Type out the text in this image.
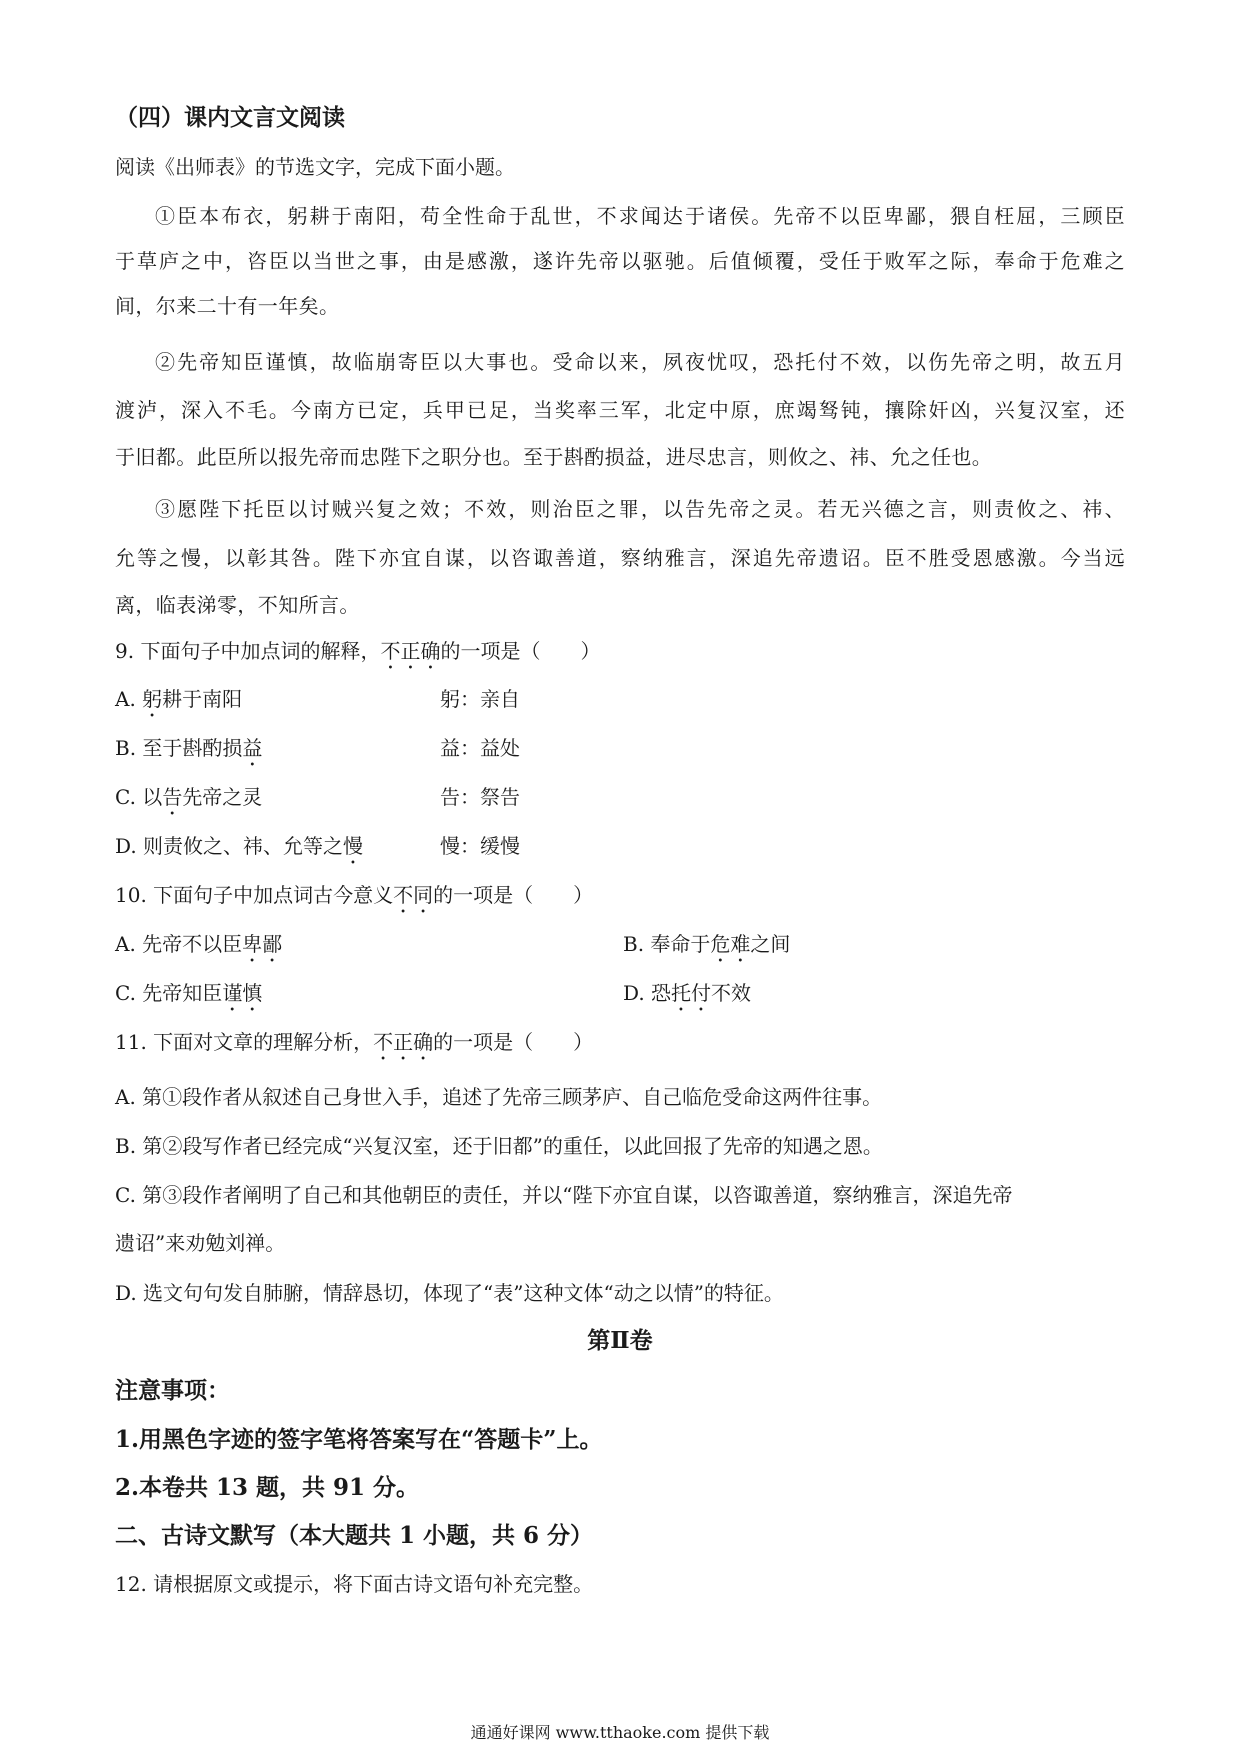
（四）课内文言文阅读
阅读《出师表》的节选文字，完成下面小题。
①臣本布衣，躬耕于南阳，苟全性命于乱世，不求闻达于诸侯。先帝不以臣卑鄙，猥自枉屈，三顾臣
于草庐之中，咨臣以当世之事，由是感激，遂许先帝以驱驰。后值倾覆，受任于败军之际，奉命于危难之
间，尔来二十有一年矣。
②先帝知臣谨慎，故临崩寄臣以大事也。受命以来，夙夜忧叹，恐托付不效，以伤先帝之明，故五月
渡泸，深入不毛。今南方已定，兵甲已足，当奖率三军，北定中原，庶竭驽钝，攘除奸凶，兴复汉室，还
于旧都。此臣所以报先帝而忠陛下之职分也。至于斟酌损益，进尽忠言，则攸之、祎、允之任也。
③愿陛下托臣以讨贼兴复之效；不效，则治臣之罪，以告先帝之灵。若无兴德之言，则责攸之、祎、
允等之慢，以彰其咎。陛下亦宜自谋，以咨诹善道，察纳雅言，深追先帝遗诏。臣不胜受恩感激。今当远
离，临表涕零，不知所言。
9. 下面句子中加点词的解释，不正确的一项是（　　）
A. 躬耕于南阳	躬：亲自
B. 至于斟酌损益	益：益处
C. 以告先帝之灵	告：祭告
D. 则责攸之、祎、允等之慢	慢：缓慢
10. 下面句子中加点词古今意义不同的一项是（　　）
A. 先帝不以臣卑鄙	B. 奉命于危难之间
C. 先帝知臣谨慎	D. 恐托付不效
11. 下面对文章的理解分析，不正确的一项是（　　）
A. 第①段作者从叙述自己身世入手，追述了先帝三顾茅庐、自己临危受命这两件往事。
B. 第②段写作者已经完成“兴复汉室，还于旧都”的重任，以此回报了先帝的知遇之恩。
C. 第③段作者阐明了自己和其他朝臣的责任，并以“陛下亦宜自谋，以咨诹善道，察纳雅言，深追先帝
遗诏”来劝勉刘禅。
D. 选文句句发自肺腑，情辞恳切，体现了“表”这种文体“动之以情”的特征。
第Ⅱ卷
注意事项：
1.用黑色字迹的签字笔将答案写在“答题卡”上。
2.本卷共 13 题，共 91 分。
二、古诗文默写（本大题共 1 小题，共 6 分）
12. 请根据原文或提示，将下面古诗文语句补充完整。
通通好课网 www.tthaoke.com 提供下载
